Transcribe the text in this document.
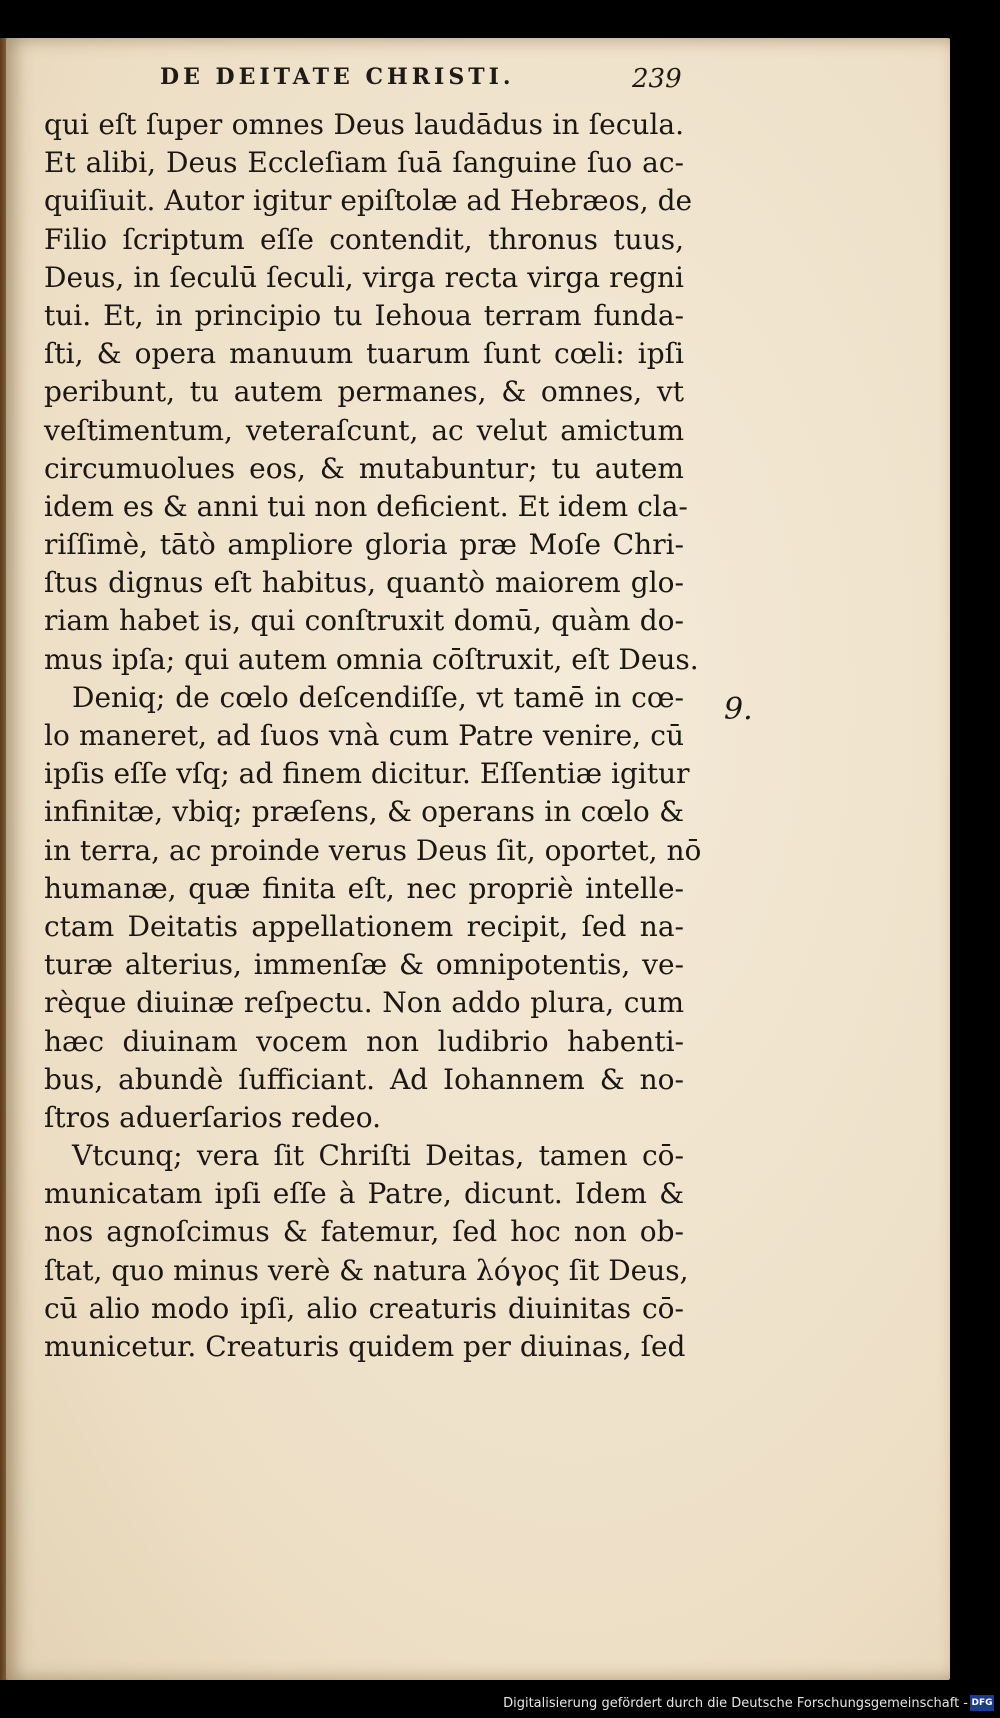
DE DEITATE CHRISTI.	239
qui eſt ſuper omnes Deus laudādus in ſecula.
Et alibi, Deus Eccleſiam ſuā ſanguine ſuo ac-
quiſiuit. Autor igitur epiſtolæ ad Hebræos, de
Filio ſcriptum eſſe contendit, thronus tuus,
Deus, in ſeculū ſeculi, virga recta virga regni
tui. Et, in principio tu Iehoua terram funda-
ſti, & opera manuum tuarum ſunt cœli: ipſi
peribunt, tu autem permanes, & omnes, vt
veſtimentum, veteraſcunt, ac velut amictum
circumuolues eos, & mutabuntur; tu autem
idem es & anni tui non deficient. Et idem cla-
riſſimè, tātò ampliore gloria præ Moſe Chri-
ſtus dignus eſt habitus, quantò maiorem glo-
riam habet is, qui conſtruxit domū, quàm do-
mus ipſa; qui autem omnia cōſtruxit, eſt Deus.
Deniq; de cœlo deſcendiſſe, vt tamē in cœ-
lo maneret, ad ſuos vnà cum Patre venire, cū
ipſis eſſe vſq; ad finem dicitur. Eſſentiæ igitur
infinitæ, vbiq; præſens, & operans in cœlo &
in terra, ac proinde verus Deus ſit, oportet, nō
humanæ, quæ finita eſt, nec propriè intelle-
ctam Deitatis appellationem recipit, ſed na-
turæ alterius, immenſæ & omnipotentis, ve-
rèque diuinæ reſpectu. Non addo plura, cum
hæc diuinam vocem non ludibrio habenti-
bus, abundè ſufficiant. Ad Iohannem & no-
ſtros aduerſarios redeo.
Vtcunq; vera ſit Chriſti Deitas, tamen cō-
municatam ipſi eſſe à Patre, dicunt. Idem &
nos agnoſcimus & fatemur, ſed hoc non ob-
ſtat, quo minus verè & natura λόγος ſit Deus,
cū alio modo ipſi, alio creaturis diuinitas cō-
municetur. Creaturis quidem per diuinas, ſed
9.
Digitalisierung gefördert durch die Deutsche Forschungsgemeinschaft - DFG
